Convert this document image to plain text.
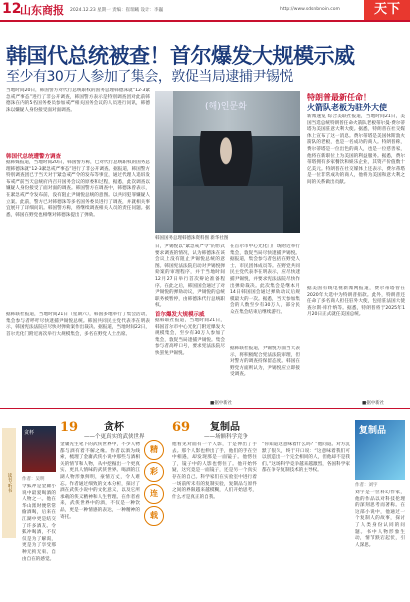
12
山东商报 2024.12.23 星期一 责编：崔瑞曦 设计：李巍	http://www.sdsnbnoin.com	天下
韩国代总统被查！首尔爆发大规模示威
至少有30万人参加了集会，敦促当局逮捕尹锡悦
当地时间20日，韩国警方对代行总统职权的国务总理韩德洙就“12·3紧急戒严事态”进行了非公开调查，韩国警方表示是特别调查团对此前韩德洙在内的5名国务委员参加戒严相关国务会议的人员进行问讯，韩德洙以嫌疑人身份接受面对面调查。
韩国代总统遭警方调查
据韩媒报道，当地时间20日，韩国警方称，已对代行总统职权的国务总理韩德洙就“12·3紧急戒严事态”进行了非公开调查。据报道，韩国警方特别调查团已于当天对于紧急戒严令的发布等事宜，通过代理人追诉发布戒严前当天总统府内召开国务会议的原委和过程，据悉，此次调查以嫌疑人身份接受了面对面的调查。韩国警方在调查中，韩德洙曾表示，在紧急戒严令发布前，没有阻止尹锡悦总统的意图。以共同犯罪嫌疑人立案。此前，警方已对韩德洙等多名国务委员进行了调查，并就相关事宜展开了详细问讯。韩国警方称，将继续调查相关人员的责任问题。据悉，韩国在野党也相继对韩德洙提出了弹劾。
据韩联社报道，当地时间21日（星期六），韩国多地举行了集会活动，集会参与者呼吁尽快逮捕尹锡悦总统。韩国共同民主党代表李在明表示，韩国宪法法院应尽快对弹劾案作出裁决。据报道，当地时间22日，首尔光化门附近再次举行大规模集会，多名在野党人士出席。
(해)인문화
韩国国务总理韩德洙资料图 新华社图
日，尹锡悦以“紧急戒严令”的形式要求调查的情况，认为韩德洙在该会议上没有阻止尹锡悦总统的意图。韩国宪法法院启动对尹锡悦弹劾案的审理程序，并于当地时间12月27日举行首次辩论准备程序。在此之后，韩国国会通过了对尹锡悦的弹劾动议，尹锡悦的总统职务被暂停，由韩德洙代行总统职权。
首尔爆发大规模示威
据韩联社报道，当地时间21日，韩国首尔市中心光化门附近爆发大规模集会，至少有30万人参加了集会，敦促当局逮捕尹锡悦。集会参与者高呼口号，要求宪法法院尽快罢免尹锡悦。
在首尔市中心光化门广场附近举行集会，敦促当局尽快逮捕尹锡悦。据报道，集会参与者包括在野党人士、市民团体成员等。在野党共同民主党代表李在明表示，应尽快逮捕尹锡悦，并要求宪法法院尽快作出弹劾裁决。此次集会是继本月14日韩国国会通过弹劾动议后规模最大的一次。据悉，当天参加集会的人数至少有30万人，部分民众在集会结束后继续游行。
据韩联社报道，尹锡悦方面当天表示，将积极配合宪法法院审理，但对警方的调查持保留态度。韩国在野党方面则认为，尹锡悦应立即接受调查。
■据中新社
特朗普最新任命！
火箭队老板为驻外大使
新闻速览 综合美联社报道，当地时间21日，美国当选总统特朗普任命火箭队老板蒂尔曼·费尔蒂塔为美国驻意大利大使。据悉，特朗普在社交媒体上宣布了这一消息。费尔蒂塔是美国休斯敦火箭队的老板，也是一名成功的商人。特朗普称，费尔蒂塔是一位出色的商人，也是一位慈善家，他将在新职位上为美国的利益服务。据悉，费尔蒂塔拥有多家餐饮和娱乐企业，其资产价值数十亿美元。特朗普在社交媒体上还表示，费尔蒂塔是一位非常成功的商人，他将为美国和意大利之间的关系做出贡献。
据美国有线电视新闻网报道，费尔蒂塔曾在2020年大选中为特朗普捐款。此外，特朗普还任命了多名商人担任驻外大使，包括驻法国大使查尔斯·库什纳等。据悉，特朗普将于2025年1月20日正式就任美国总统。
■据中新社
读书·听书
贪杯 19	贪杯
——个更真实的武侠世界
作者：吴明
金庸先生笔下的武侠世界中，不少人物都与酒有着不解之缘。作者以酒为线索，梳理了金庸武侠小说中那些与酒相关的情节和人物，从中挖掘出一个更真实、更具人情味的武侠世界。喝酒的江湖人物形象鲜明，豪情万丈，令人难忘。作者通过细致的文本分析，探讨了酒在武侠小说中的文化意义，以及它所承载的侠义精神和人生哲理。在作者看来，武侠世界中的酒，不仅是一种饮品，更是一种情感的表达，一种精神的寄托。
令狐冲是金庸小说中最爱喝酒的人物之一。他在华山派时便常常偷酒喝，后来在江湖中更是结交了许多酒友。令狐冲喝酒，不仅仅是为了解渴，更是为了享受那种无拘无束、自由自在的感觉。
精
彩
连
载
69 复制品
——场额科学竞争
他看见对面有一个人影，于是伸出了手去。那个人影也伸出了手，他们的手在空中相遇，却发现那是一面镜子。他愣住了，镜子中的人影也愣住了。他开始怀疑，这究竟是一面镜子，还是另一个真实存在的自己。科学家们在实验室中进行着一场前所未有的复制实验，复制品与原件之间的界限越来越模糊，人们开始思考，什么才是真正的自我。
“你知道这意味着什么吗？”他问道。对方沉默了很久，终于开口说：“这意味着我们可以创造出一个完全相同的人，但他却不是我们。”这场科学竞争越来越激烈，各国科学家都在争夺复制技术的主导权。
复制品
作者：刘宇
刘宇是一位科幻作家，他的作品以对科技伦理的深刻思考而著称。在这部小说中，他通过一个复制人的故事，探讨了人类身份认同的问题。书中人物形象生动，情节跌宕起伏，引人深思。
